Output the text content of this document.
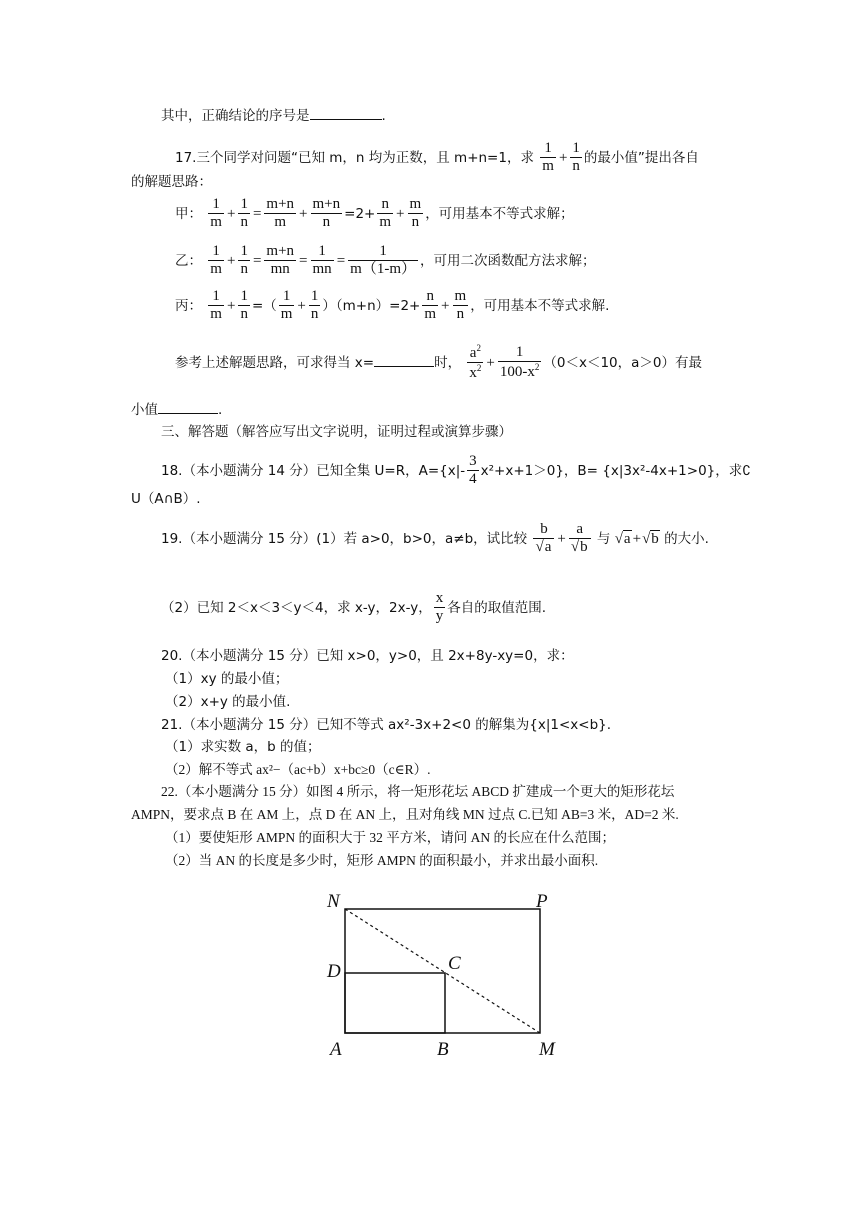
其中，正确结论的序号是	.
17.三个同学对问题“已知 m，n 均为正数，且 m+n=1，求 $\frac{1}{m} + \frac{1}{n}$ 的最小值”提出各自
的解题思路：
甲： $\frac{1}{m} + \frac{1}{n} = \frac{m+n}{m} + \frac{m+n}{n} =2+ \frac{n}{m} + \frac{m}{n}$ ，可用基本不等式求解；
乙： $\frac{1}{m} + \frac{1}{n} = \frac{m+n}{mn} = \frac{1}{mn} = \frac{1}{m(1-m)}$ ，可用二次函数配方法求解；
丙： $\frac{1}{m} + \frac{1}{n}$ =（ $\frac{1}{m} + \frac{1}{n} )(m+n)=2+ \frac{n}{m} + \frac{m}{n}$ ，可用基本不等式求解.
参考上述解题思路，可求得当 x=	时， $\frac{a^2}{x^2} + \frac{1}{100-x^2} (0<x<10$，a＞0）有最
小值	.
三、解答题（解答应写出文字说明，证明过程或演算步骤）
18.（本小题满分 14 分）已知全集 U=R，$A=\{x|- \frac{3}{4} x^2+x+1>0\}$，B= {x|3x²-4x+1>0}，求∁
U（A∩B）.
19.（本小题满分 15 分）(1）若 a>0，b>0，a≠b，试比较 $\frac{b}{√a} + \frac{a}{√b}$ 与 √a +√b 的大小.
（2）已知 2＜x＜3＜y＜4，求 x-y，2x-y， $\frac{x}{y}$ 各自的取值范围.
20.（本小题满分 15 分）已知 x>0，y>0，且 2x+8y-xy=0，求：
（1）xy 的最小值；
（2）x+y 的最小值.
21.（本小题满分 15 分）已知不等式 ax²-3x+2<0 的解集为{x|1<x<b}.
（1）求实数 a，b 的值；
（2）解不等式 ax²−（ac+b）x+bc≥0（c∈R）.
22.（本小题满分 15 分）如图 4 所示，将一矩形花坛 ABCD 扩建成一个更大的矩形花坛
AMPN，要求点 B 在 AM 上，点 D 在 AN 上，且对角线 MN 过点 C.已知 AB=3 米，AD=2 米.
（1）要使矩形 AMPN 的面积大于 32 平方米，请问 AN 的长应在什么范围；
（2）当 AN 的长度是多少时，矩形 AMPN 的面积最小，并求出最小面积.
N	P
D	C
A	B	M
